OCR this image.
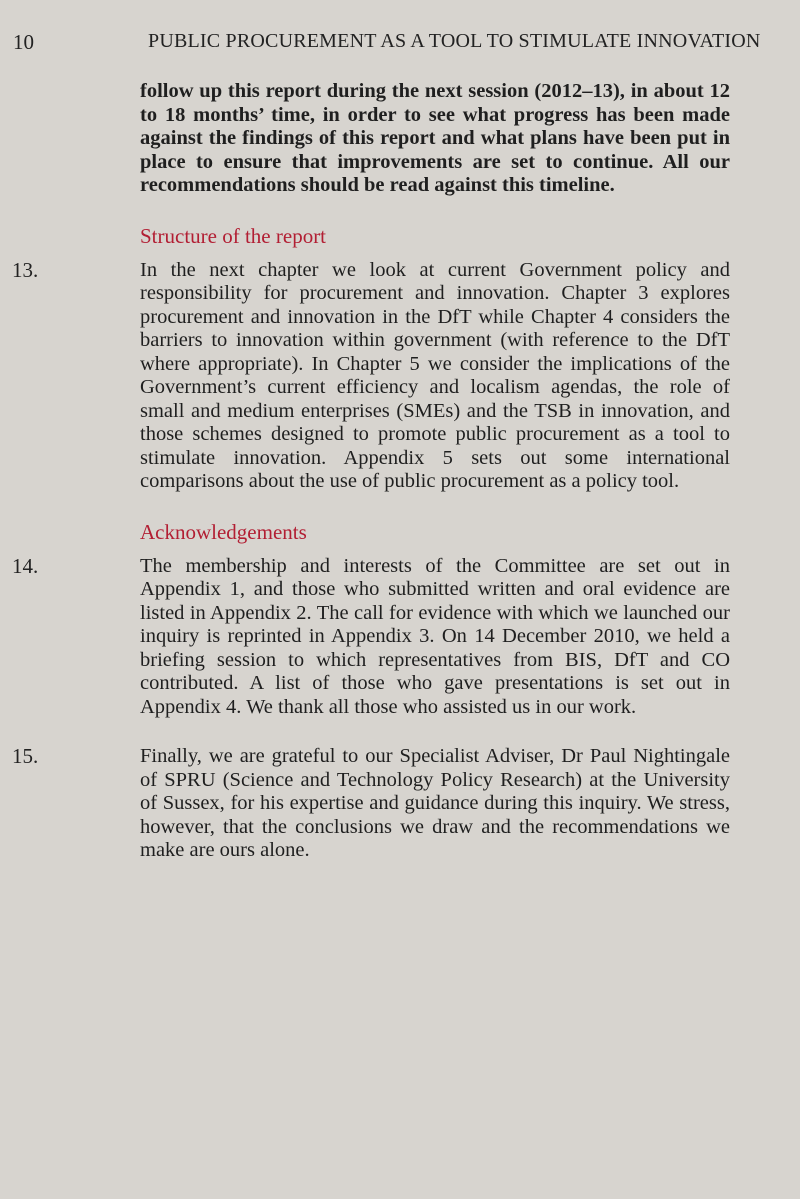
10	PUBLIC PROCUREMENT AS A TOOL TO STIMULATE INNOVATION

follow up this report during the next session (2012–13), in about 12 to 18 months’ time, in order to see what progress has been made against the findings of this report and what plans have been put in place to ensure that improvements are set to continue. All our recommendations should be read against this timeline.

Structure of the report
13.	In the next chapter we look at current Government policy and responsibility for procurement and innovation. Chapter 3 explores procurement and innovation in the DfT while Chapter 4 considers the barriers to innovation within government (with reference to the DfT where appropriate). In Chapter 5 we consider the implications of the Government’s current efficiency and localism agendas, the role of small and medium enterprises (SMEs) and the TSB in innovation, and those schemes designed to promote public procurement as a tool to stimulate innovation. Appendix 5 sets out some international comparisons about the use of public procurement as a policy tool.
Acknowledgements
14.	The membership and interests of the Committee are set out in Appendix 1, and those who submitted written and oral evidence are listed in Appendix 2. The call for evidence with which we launched our inquiry is reprinted in Appendix 3. On 14 December 2010, we held a briefing session to which representatives from BIS, DfT and CO contributed. A list of those who gave presentations is set out in Appendix 4. We thank all those who assisted us in our work.
15.	Finally, we are grateful to our Specialist Adviser, Dr Paul Nightingale of SPRU (Science and Technology Policy Research) at the University of Sussex, for his expertise and guidance during this inquiry. We stress, however, that the conclusions we draw and the recommendations we make are ours alone.
